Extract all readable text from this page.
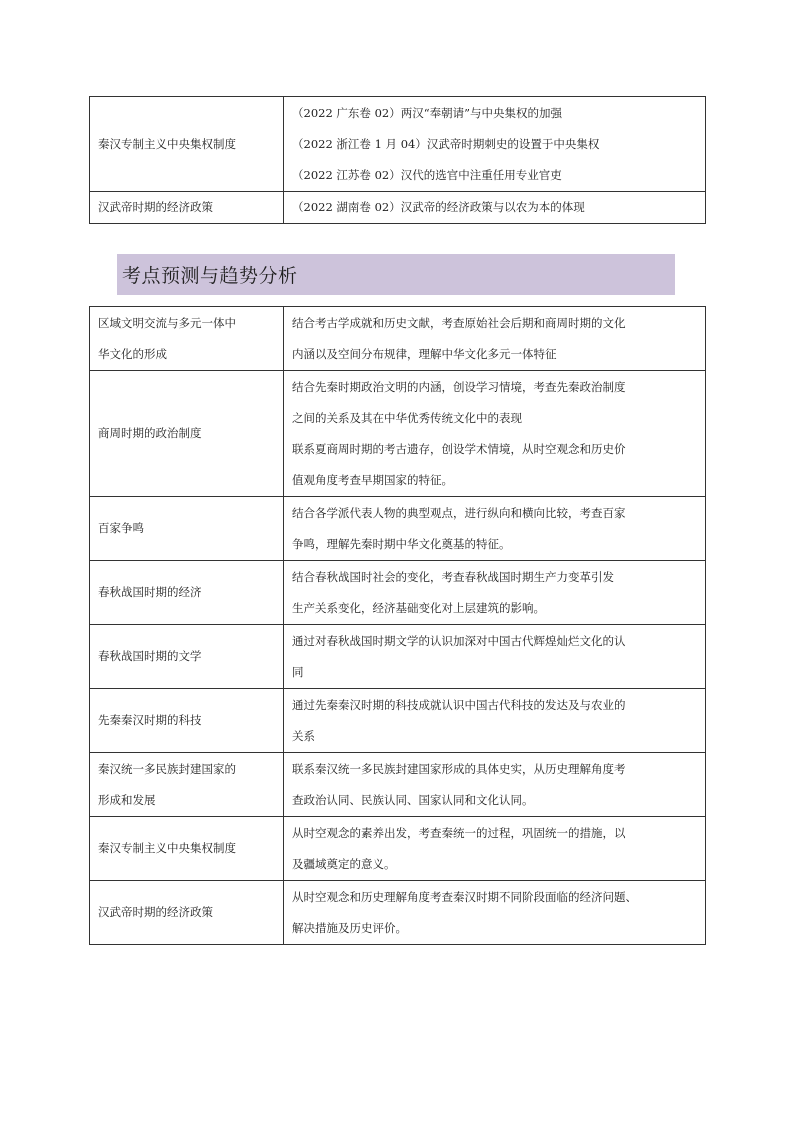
秦汉专制主义中央集权制度	（2022 广东卷 02）两汉“奉朝请”与中央集权的加强
（2022 浙江卷 1 月 04）汉武帝时期刺史的设置于中央集权
（2022 江苏卷 02）汉代的选官中注重任用专业官吏

汉武帝时期的经济政策	（2022 湖南卷 02）汉武帝的经济政策与以农为本的体现
考点预测与趋势分析
区域文明交流与多元一体中
华文化的形成	结合考古学成就和历史文献，考查原始社会后期和商周时期的文化
内涵以及空间分布规律，理解中华文化多元一体特征

商周时期的政治制度	结合先秦时期政治文明的内涵，创设学习情境，考查先秦政治制度
之间的关系及其在中华优秀传统文化中的表现
联系夏商周时期的考古遗存，创设学术情境，从时空观念和历史价
值观角度考查早期国家的特征。

百家争鸣	结合各学派代表人物的典型观点，进行纵向和横向比较，考查百家
争鸣，理解先秦时期中华文化奠基的特征。

春秋战国时期的经济	结合春秋战国时社会的变化，考查春秋战国时期生产力变革引发
生产关系变化，经济基础变化对上层建筑的影响。

春秋战国时期的文学	通过对春秋战国时期文学的认识加深对中国古代辉煌灿烂文化的认
同

先秦秦汉时期的科技	通过先秦秦汉时期的科技成就认识中国古代科技的发达及与农业的
关系

秦汉统一多民族封建国家的
形成和发展	联系秦汉统一多民族封建国家形成的具体史实，从历史理解角度考
查政治认同、民族认同、国家认同和文化认同。

秦汉专制主义中央集权制度	从时空观念的素养出发，考查秦统一的过程，巩固统一的措施，以
及疆域奠定的意义。

汉武帝时期的经济政策	从时空观念和历史理解角度考查秦汉时期不同阶段面临的经济问题、
解决措施及历史评价。
